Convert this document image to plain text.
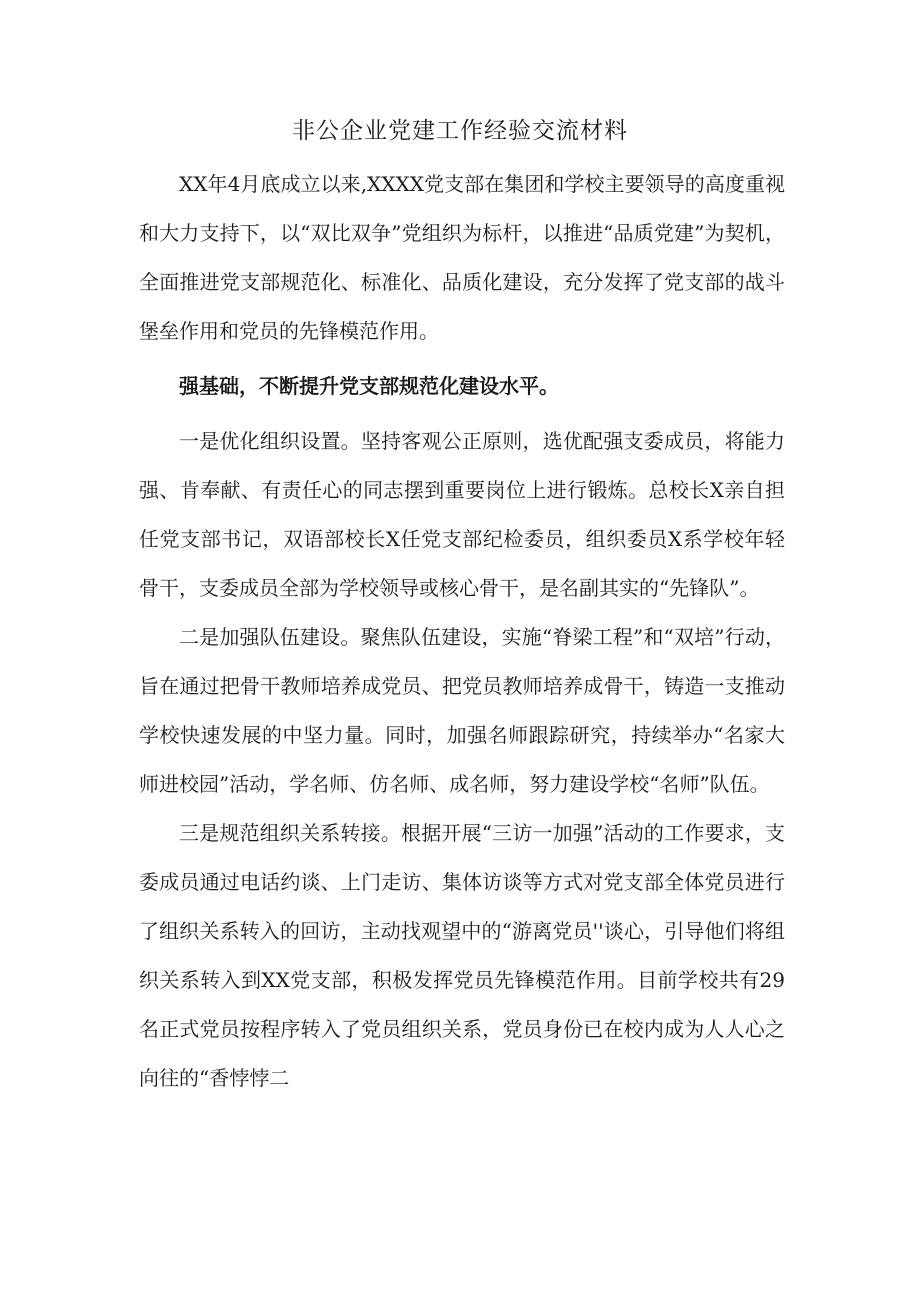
非公企业党建工作经验交流材料

XX年4月底成立以来,XXXX党支部在集团和学校主要领导的高度重视和大力支持下，以“双比双争”党组织为标杆，以推进“品质党建”为契机，全面推进党支部规范化、标准化、品质化建设，充分发挥了党支部的战斗堡垒作用和党员的先锋模范作用。

强基础，不断提升党支部规范化建设水平。

一是优化组织设置。坚持客观公正原则，选优配强支委成员，将能力强、肯奉献、有责任心的同志摆到重要岗位上进行锻炼。总校长X亲自担任党支部书记，双语部校长X任党支部纪检委员，组织委员X系学校年轻骨干，支委成员全部为学校领导或核心骨干，是名副其实的“先锋队”。

二是加强队伍建设。聚焦队伍建设，实施“脊梁工程”和“双培”行动，旨在通过把骨干教师培养成党员、把党员教师培养成骨干，铸造一支推动学校快速发展的中坚力量。同时，加强名师跟踪研究，持续举办“名家大师进校园”活动，学名师、仿名师、成名师，努力建设学校“名师”队伍。

三是规范组织关系转接。根据开展“三访一加强”活动的工作要求，支委成员通过电话约谈、上门走访、集体访谈等方式对党支部全体党员进行了组织关系转入的回访，主动找观望中的“游离党员''谈心，引导他们将组织关系转入到XX党支部，积极发挥党员先锋模范作用。目前学校共有29名正式党员按程序转入了党员组织关系，党员身份已在校内成为人人心之向往的“香悖悖二
